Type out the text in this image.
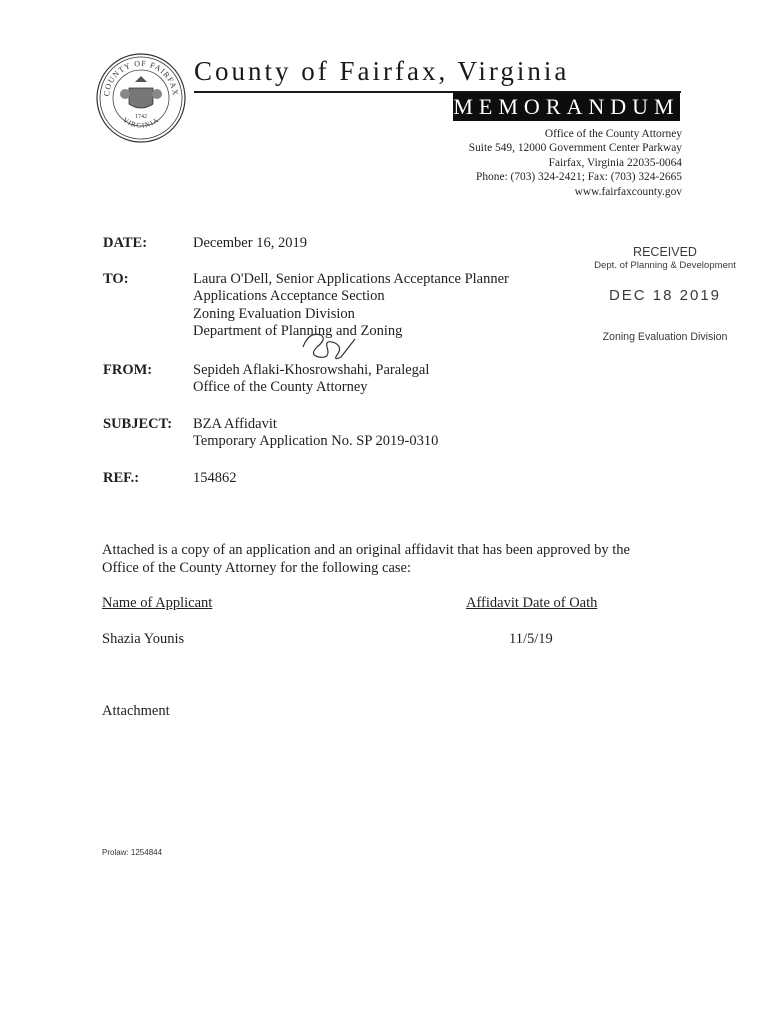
COUNTY OF FAIRFAX
VIRGINIA
1742
County of Fairfax, Virginia
MEMORANDUM
Office of the County Attorney
Suite 549, 12000 Government Center Parkway
Fairfax, Virginia 22035-0064
Phone: (703) 324-2421; Fax: (703) 324-2665
www.fairfaxcounty.gov
DATE:	December 16, 2019
TO:	Laura O'Dell, Senior Applications Acceptance Planner
Applications Acceptance Section
Zoning Evaluation Division
Department of Planning and Zoning
FROM:	Sepideh Aflaki-Khosrowshahi, Paralegal
Office of the County Attorney
SUBJECT: BZA Affidavit
Temporary Application No. SP 2019-0310
REF.:	154862
RECEIVED
Dept. of Planning & Development
DEC 18 2019
Zoning Evaluation Division
Attached is a copy of an application and an original affidavit that has been approved by the
Office of the County Attorney for the following case:
Name of Applicant	Affidavit Date of Oath
Shazia Younis	11/5/19
Attachment
Prolaw: 1254844
